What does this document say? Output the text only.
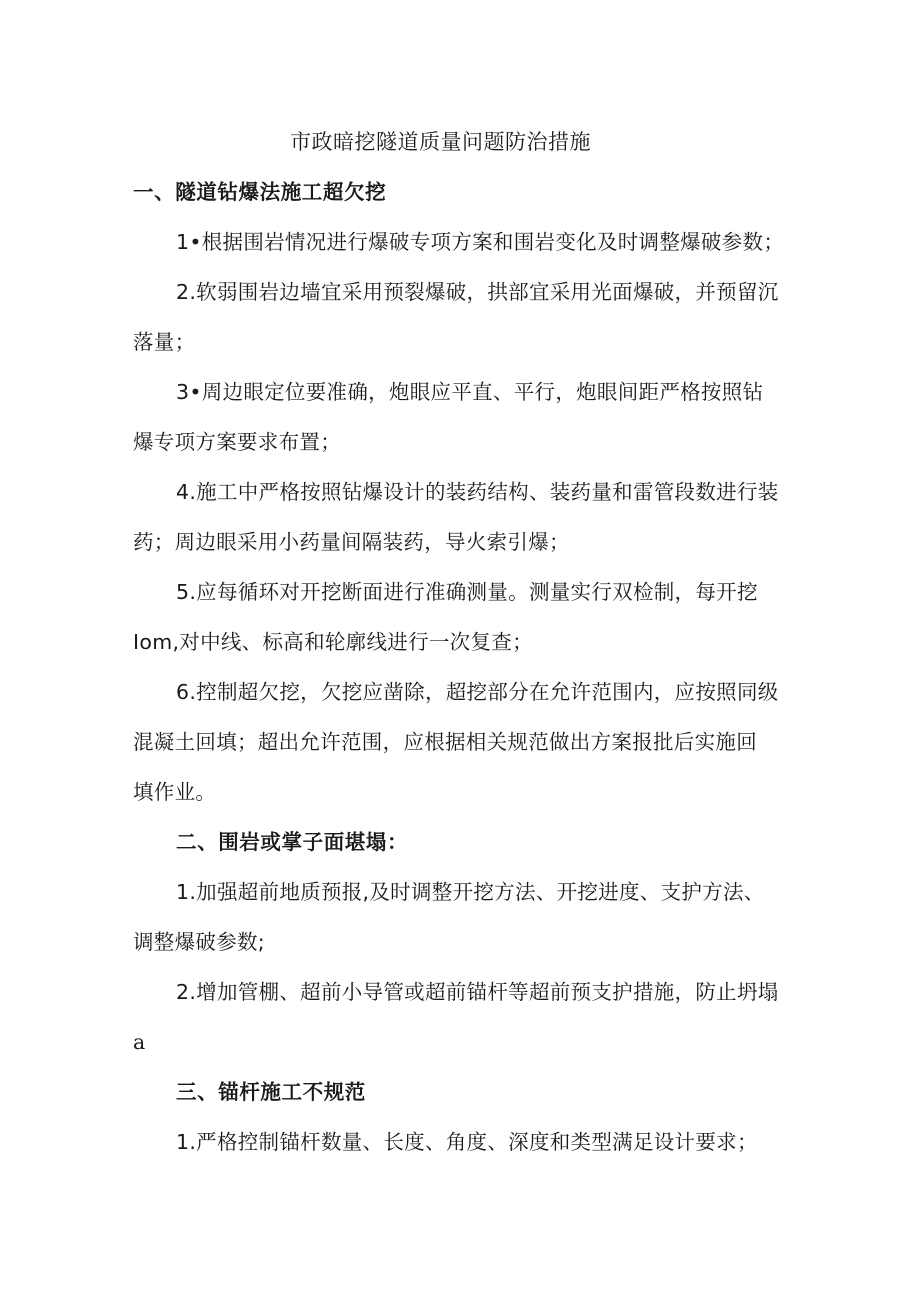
市政暗挖隧道质量问题防治措施
一、隧道钻爆法施工超欠挖
1•根据围岩情况进行爆破专项方案和围岩变化及时调整爆破参数；
2.软弱围岩边墙宜采用预裂爆破，拱部宜采用光面爆破，并预留沉
落量；
3•周边眼定位要准确，炮眼应平直、平行，炮眼间距严格按照钻
爆专项方案要求布置；
4.施工中严格按照钻爆设计的装药结构、装药量和雷管段数进行装
药；周边眼采用小药量间隔装药，导火索引爆；
5.应每循环对开挖断面进行准确测量。测量实行双检制，每开挖
Iom,对中线、标高和轮廓线进行一次复查；
6.控制超欠挖，欠挖应凿除，超挖部分在允许范围内，应按照同级
混凝土回填；超出允许范围，应根据相关规范做出方案报批后实施回
填作业。
二、围岩或掌子面堪塌：
1.加强超前地质预报,及时调整开挖方法、开挖进度、支护方法、
调整爆破参数;
2.增加管棚、超前小导管或超前锚杆等超前预支护措施，防止坍塌
a
三、锚杆施工不规范
1.严格控制锚杆数量、长度、角度、深度和类型满足设计要求；
